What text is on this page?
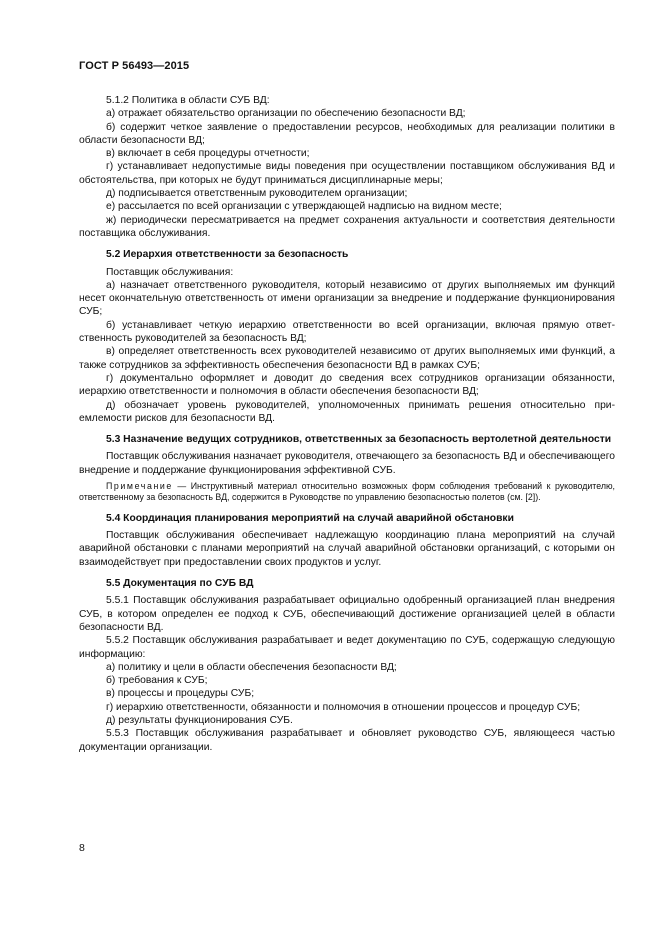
ГОСТ Р 56493—2015

5.1.2 Политика в области СУБ ВД:

а) отражает обязательство организации по обеспечению безопасности ВД;

б) содержит четкое заявление о предоставлении ресурсов, необходимых для реализации политики в области безопасности ВД;

в) включает в себя процедуры отчетности;

г) устанавливает недопустимые виды поведения при осуществлении поставщиком обслуживания ВД и обстоятельства, при которых не будут приниматься дисциплинарные меры;

д) подписывается ответственным руководителем организации;

е) рассылается по всей организации с утверждающей надписью на видном месте;

ж) периодически пересматривается на предмет сохранения актуальности и соответствия деятельности поставщика обслуживания.

5.2 Иерархия ответственности за безопасность

Поставщик обслуживания:

а) назначает ответственного руководителя, который независимо от других выполняемых им функций несет окончательную ответственность от имени организации за внедрение и поддержание функционирования СУБ;

б) устанавливает четкую иерархию ответственности во всей организации, включая прямую ответственность руководителей за безопасность ВД;

в) определяет ответственность всех руководителей независимо от других выполняемых ими функций, а также сотрудников за эффективность обеспечения безопасности ВД в рамках СУБ;

г) документально оформляет и доводит до сведения всех сотрудников организации обязанности, иерархию ответственности и полномочия в области обеспечения безопасности ВД;

д) обозначает уровень руководителей, уполномоченных принимать решения относительно приемлемости рисков для безопасности ВД.

5.3 Назначение ведущих сотрудников, ответственных за безопасность вертолетной деятельности

Поставщик обслуживания назначает руководителя, отвечающего за безопасность ВД и обеспечивающего внедрение и поддержание функционирования эффективной СУБ.

Примечание — Инструктивный материал относительно возможных форм соблюдения требований к руководителю, ответственному за безопасность ВД, содержится в Руководстве по управлению безопасностью полетов (см. [2]).

5.4 Координация планирования мероприятий на случай аварийной обстановки

Поставщик обслуживания обеспечивает надлежащую координацию плана мероприятий на случай аварийной обстановки с планами мероприятий на случай аварийной обстановки организаций, с которыми он взаимодействует при предоставлении своих продуктов и услуг.

5.5 Документация по СУБ ВД

5.5.1 Поставщик обслуживания разрабатывает официально одобренный организацией план внедрения СУБ, в котором определен ее подход к СУБ, обеспечивающий достижение организацией целей в области безопасности ВД.

5.5.2 Поставщик обслуживания разрабатывает и ведет документацию по СУБ, содержащую следующую информацию:

а) политику и цели в области обеспечения безопасности ВД;

б) требования к СУБ;

в) процессы и процедуры СУБ;

г) иерархию ответственности, обязанности и полномочия в отношении процессов и процедур СУБ;

д) результаты функционирования СУБ.

5.5.3 Поставщик обслуживания разрабатывает и обновляет руководство СУБ, являющееся частью документации организации.

8
